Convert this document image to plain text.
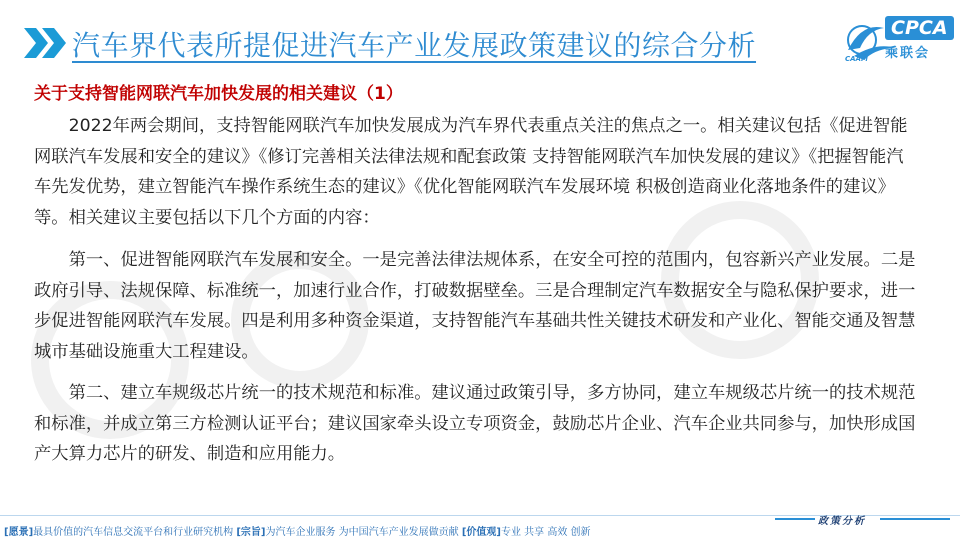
汽车界代表所提促进汽车产业发展政策建议的综合分析
CPCA
乘联会
CAAM
关于支持智能网联汽车加快发展的相关建议（1）

2022年两会期间，支持智能网联汽车加快发展成为汽车界代表重点关注的焦点之一。相关建议包括《促进智能网联汽车发展和安全的建议》《修订完善相关法律法规和配套政策 支持智能网联汽车加快发展的建议》《把握智能汽车先发优势，建立智能汽车操作系统生态的建议》《优化智能网联汽车发展环境 积极创造商业化落地条件的建议》等。相关建议主要包括以下几个方面的内容：

第一、促进智能网联汽车发展和安全。一是完善法律法规体系，在安全可控的范围内，包容新兴产业发展。二是政府引导、法规保障、标准统一，加速行业合作，打破数据壁垒。三是合理制定汽车数据安全与隐私保护要求，进一步促进智能网联汽车发展。四是利用多种资金渠道，支持智能汽车基础共性关键技术研发和产业化、智能交通及智慧城市基础设施重大工程建设。

第二、建立车规级芯片统一的技术规范和标准。建议通过政策引导，多方协同，建立车规级芯片统一的技术规范和标准，并成立第三方检测认证平台；建议国家牵头设立专项资金，鼓励芯片企业、汽车企业共同参与，加快形成国产大算力芯片的研发、制造和应用能力。

政策分析
[愿景]最具价值的汽车信息交流平台和行业研究机构 [宗旨]为汽车企业服务 为中国汽车产业发展做贡献 [价值观]专业 共享 高效 创新
